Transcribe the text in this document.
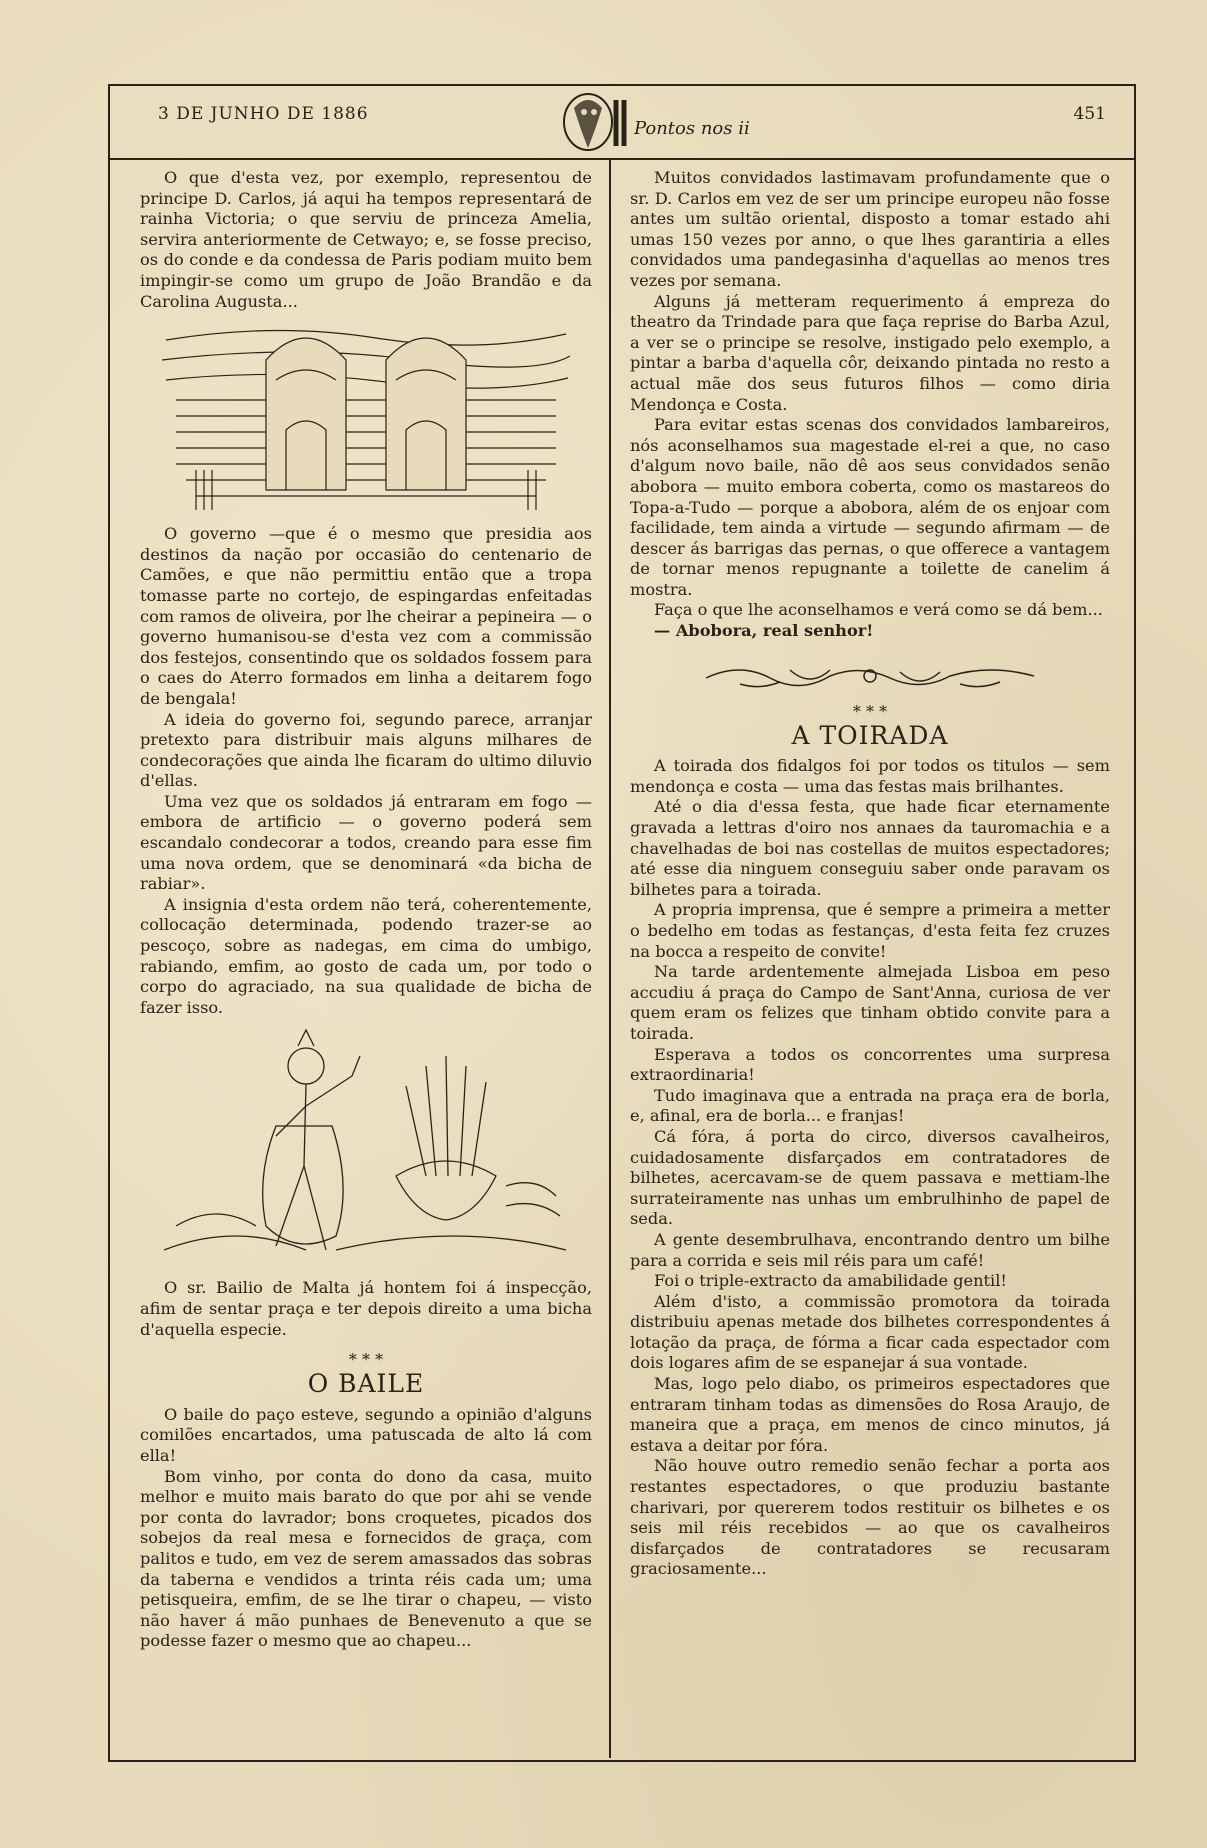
3 DE JUNHO DE 1886
Pontos nos ii
451

O que d'esta vez, por exemplo, representou de principe D. Carlos, já aqui ha tempos representará de rainha Victoria; o que serviu de princeza Amelia, servira anteriormente de Cetwayo; e, se fosse preciso, os do conde e da condessa de Paris podiam muito bem impingir-se como um grupo de João Brandão e da Carolina Augusta...

O governo —que é o mesmo que presidia aos destinos da nação por occasião do centenario de Camões, e que não permittiu então que a tropa tomasse parte no cortejo, de espingardas enfeitadas com ramos de oliveira, por lhe cheirar a pepineira — o governo humanisou-se d'esta vez com a commissão dos festejos, consentindo que os soldados fossem para o caes do Aterro formados em linha a deitarem fogo de bengala!

A ideia do governo foi, segundo parece, arranjar pretexto para distribuir mais alguns milhares de condecorações que ainda lhe ficaram do ultimo diluvio d'ellas.

Uma vez que os soldados já entraram em fogo — embora de artificio — o governo poderá sem escandalo condecorar a todos, creando para esse fim uma nova ordem, que se denominará «da bicha de rabiar».

A insignia d'esta ordem não terá, coherentemente, collocação determinada, podendo trazer-se ao pescoço, sobre as nadegas, em cima do umbigo, rabiando, emfim, ao gosto de cada um, por todo o corpo do agraciado, na sua qualidade de bicha de fazer isso.

O sr. Bailio de Malta já hontem foi á inspecção, afim de sentar praça e ter depois direito a uma bicha d'aquella especie.

* * *
O BAILE

O baile do paço esteve, segundo a opinião d'alguns comilões encartados, uma patuscada de alto lá com ella!

Bom vinho, por conta do dono da casa, muito melhor e muito mais barato do que por ahi se vende por conta do lavrador; bons croquetes, picados dos sobejos da real mesa e fornecidos de graça, com palitos e tudo, em vez de serem amassados das sobras da taberna e vendidos a trinta réis cada um; uma petisqueira, emfim, de se lhe tirar o chapeu, — visto não haver á mão punhaes de Benevenuto a que se podesse fazer o mesmo que ao chapeu...

Muitos convidados lastimavam profundamente que o sr. D. Carlos em vez de ser um principe europeu não fosse antes um sultão oriental, disposto a tomar estado ahi umas 150 vezes por anno, o que lhes garantiria a elles convidados uma pandegasinha d'aquellas ao menos tres vezes por semana.

Alguns já metteram requerimento á empreza do theatro da Trindade para que faça reprise do Barba Azul, a ver se o principe se resolve, instigado pelo exemplo, a pintar a barba d'aquella côr, deixando pintada no resto a actual mãe dos seus futuros filhos — como diria Mendonça e Costa.

Para evitar estas scenas dos convidados lambareiros, nós aconselhamos sua magestade el-rei a que, no caso d'algum novo baile, não dê aos seus convidados senão abobora — muito embora coberta, como os mastareos do Topa-a-Tudo — porque a abobora, além de os enjoar com facilidade, tem ainda a virtude — segundo afirmam — de descer ás barrigas das pernas, o que offerece a vantagem de tornar menos repugnante a toilette de canelim á mostra.

Faça o que lhe aconselhamos e verá como se dá bem...

— Abobora, real senhor!

* * *
A TOIRADA

A toirada dos fidalgos foi por todos os titulos — sem mendonça e costa — uma das festas mais brilhantes.

Até o dia d'essa festa, que hade ficar eternamente gravada a lettras d'oiro nos annaes da tauromachia e a chavelhadas de boi nas costellas de muitos espectadores; até esse dia ninguem conseguiu saber onde paravam os bilhetes para a toirada.

A propria imprensa, que é sempre a primeira a metter o bedelho em todas as festanças, d'esta feita fez cruzes na bocca a respeito de convite!

Na tarde ardentemente almejada Lisboa em peso accudiu á praça do Campo de Sant'Anna, curiosa de ver quem eram os felizes que tinham obtido convite para a toirada.

Esperava a todos os concorrentes uma surpresa extraordinaria!

Tudo imaginava que a entrada na praça era de borla, e, afinal, era de borla... e franjas!

Cá fóra, á porta do circo, diversos cavalheiros, cuidadosamente disfarçados em contratadores de bilhetes, acercavam-se de quem passava e mettiam-lhe surrateiramente nas unhas um embrulhinho de papel de seda.

A gente desembrulhava, encontrando dentro um bilhe para a corrida e seis mil réis para um café!

Foi o triple-extracto da amabilidade gentil!

Além d'isto, a commissão promotora da toirada distribuiu apenas metade dos bilhetes correspondentes á lotação da praça, de fórma a ficar cada espectador com dois logares afim de se espanejar á sua vontade.

Mas, logo pelo diabo, os primeiros espectadores que entraram tinham todas as dimensões do Rosa Araujo, de maneira que a praça, em menos de cinco minutos, já estava a deitar por fóra.

Não houve outro remedio senão fechar a porta aos restantes espectadores, o que produziu bastante charivari, por quererem todos restituir os bilhetes e os seis mil réis recebidos — ao que os cavalheiros disfarçados de contratadores se recusaram graciosamente...
